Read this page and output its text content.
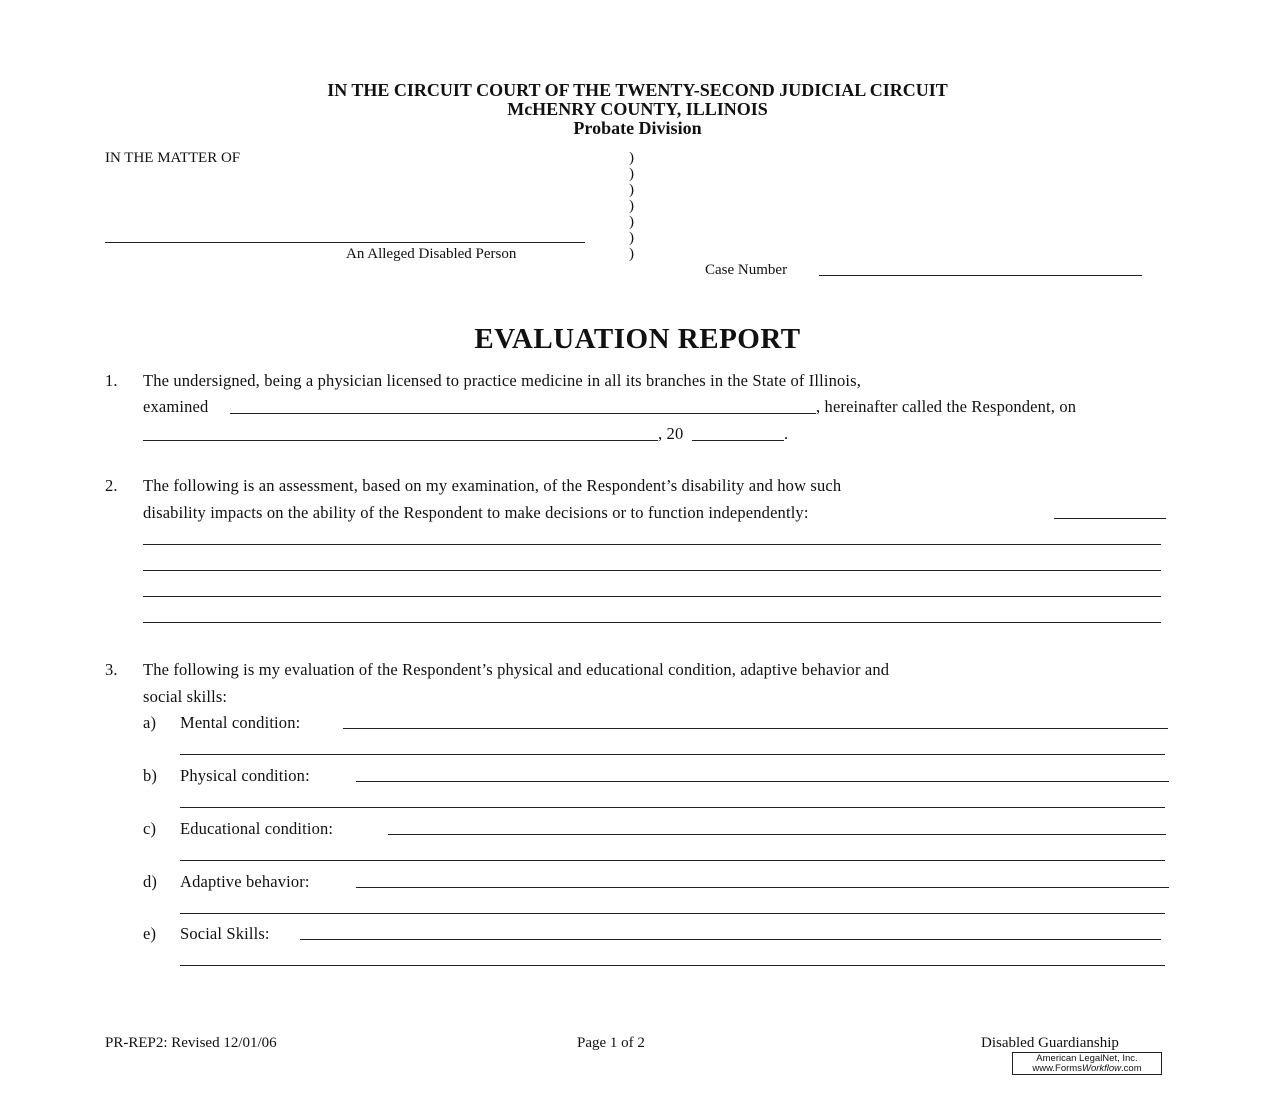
IN THE CIRCUIT COURT OF THE TWENTY-SECOND JUDICIAL CIRCUIT
McHENRY COUNTY, ILLINOIS
Probate Division
IN THE MATTER OF
An Alleged Disabled Person
)
)
)
)
)
)
)
Case Number
EVALUATION REPORT
1. The undersigned, being a physician licensed to practice medicine in all its branches in the State of Illinois,
examined	, hereinafter called the Respondent, on
, 20	.
2. The following is an assessment, based on my examination, of the Respondent’s disability and how such
disability impacts on the ability of the Respondent to make decisions or to function independently:
3. The following is my evaluation of the Respondent’s physical and educational condition, adaptive behavior and
social skills:
a) Mental condition:
b) Physical condition:
c) Educational condition:
d) Adaptive behavior:
e) Social Skills:
PR-REP2: Revised 12/01/06	Page 1 of 2	Disabled Guardianship
American LegalNet, Inc.
www.FormsWorkflow.com
